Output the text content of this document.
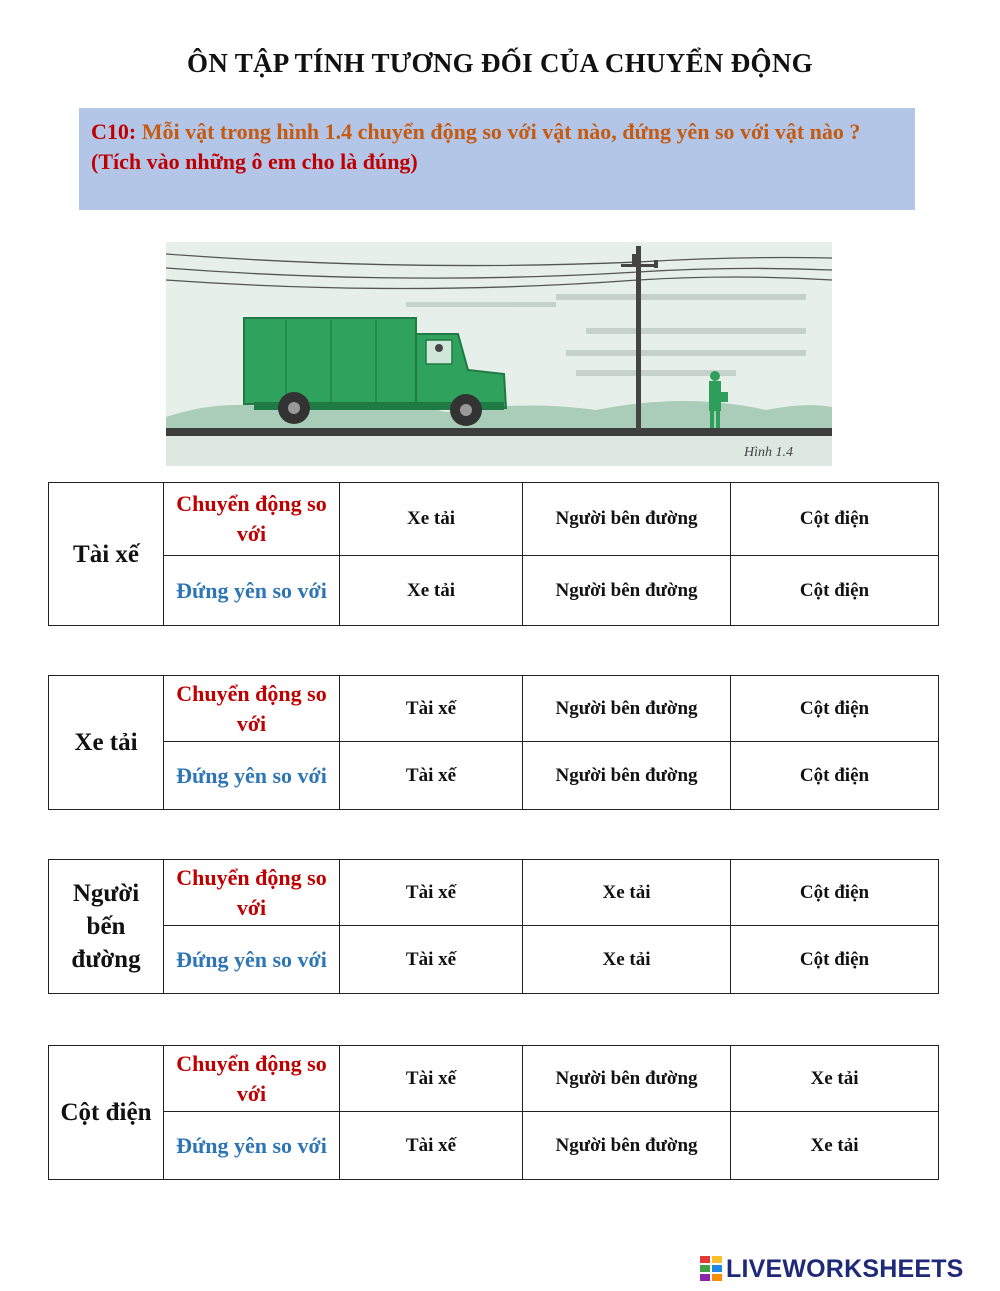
ÔN TẬP TÍNH TƯƠNG ĐỐI CỦA CHUYỂN ĐỘNG
C10: Mỗi vật trong hình 1.4 chuyển động so với vật nào, đứng yên so với vật nào ?
(Tích vào những ô em cho là đúng)
Hình 1.4
Tài xế	Chuyển động so với	Xe tải	Người bên đường	Cột điện
	Đứng yên so với	Xe tải	Người bên đường	Cột điện
Xe tải	Chuyển động so với	Tài xế	Người bên đường	Cột điện
	Đứng yên so với	Tài xế	Người bên đường	Cột điện
Người bến đường	Chuyển động so với	Tài xế	Xe tải	Cột điện
	Đứng yên so với	Tài xế	Xe tải	Cột điện
Cột điện	Chuyển động so với	Tài xế	Người bên đường	Xe tải
	Đứng yên so với	Tài xế	Người bên đường	Xe tải
LIVEWORKSHEETS
